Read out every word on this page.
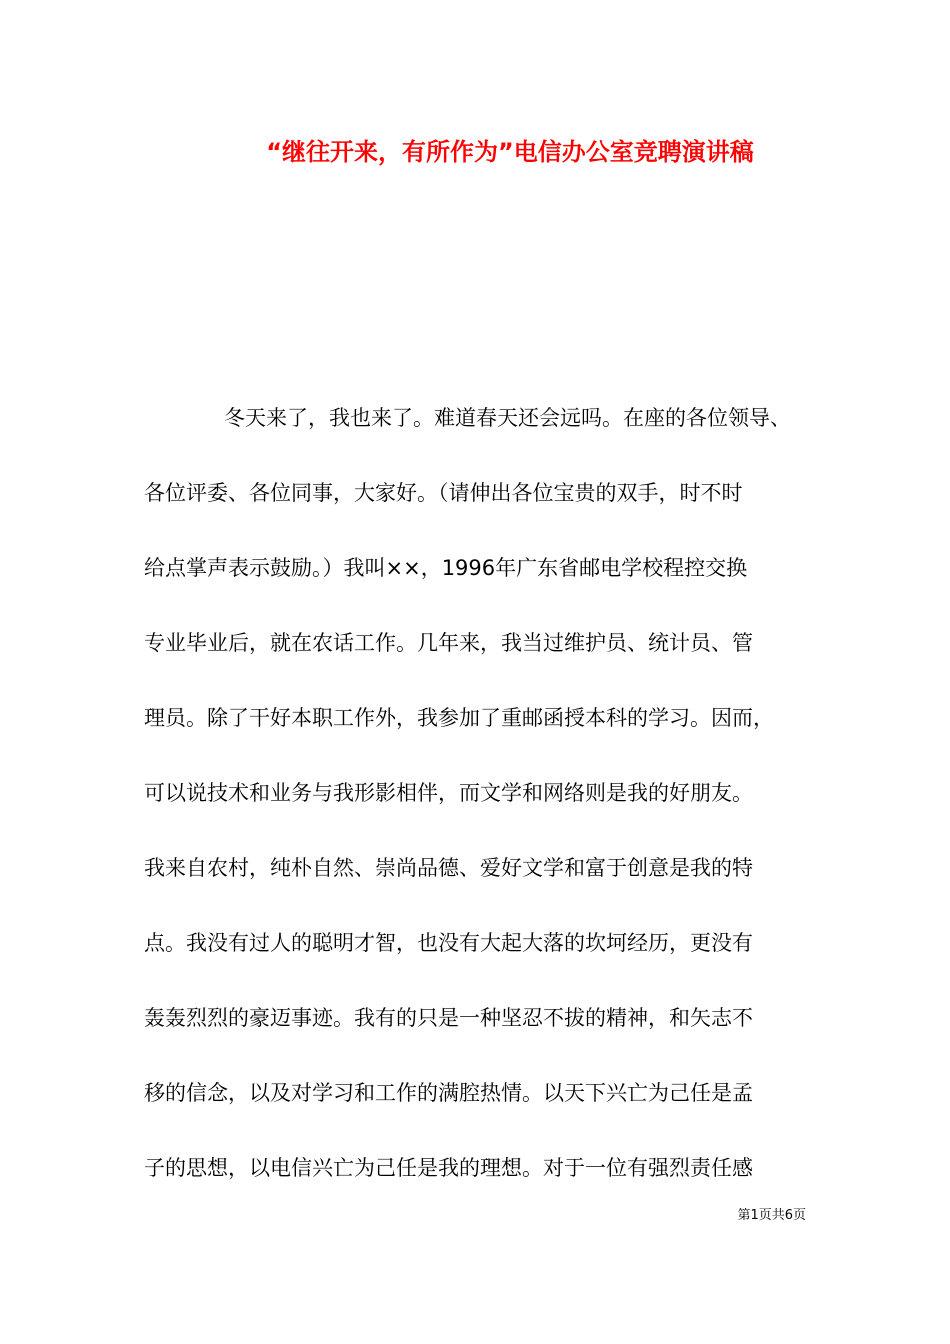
“继往开来，有所作为”电信办公室竞聘演讲稿
冬天来了，我也来了。难道春天还会远吗。在座的各位领导、
各位评委、各位同事，大家好。（请伸出各位宝贵的双手，时不时
给点掌声表示鼓励。）我叫××，1996年广东省邮电学校程控交换
专业毕业后，就在农话工作。几年来，我当过维护员、统计员、管
理员。除了干好本职工作外，我参加了重邮函授本科的学习。因而，
可以说技术和业务与我形影相伴，而文学和网络则是我的好朋友。
我来自农村，纯朴自然、崇尚品德、爱好文学和富于创意是我的特
点。我没有过人的聪明才智，也没有大起大落的坎坷经历，更没有
轰轰烈烈的豪迈事迹。我有的只是一种坚忍不拔的精神，和矢志不
移的信念，以及对学习和工作的满腔热情。以天下兴亡为己任是孟
子的思想，以电信兴亡为己任是我的理想。对于一位有强烈责任感
第1页共6页
